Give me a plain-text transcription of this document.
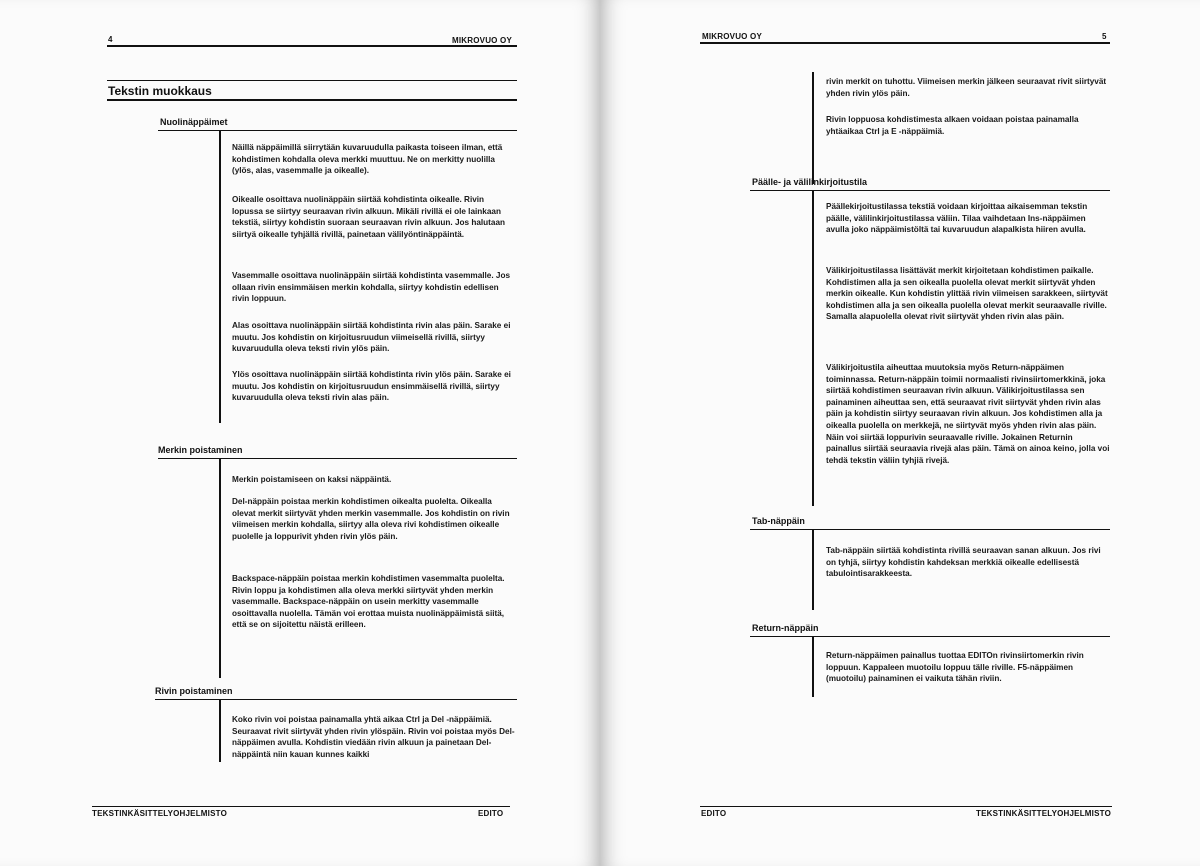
4	MIKROVUO OY
Tekstin muokkaus
Nuolinäppäimet
Näillä näppäimillä siirrytään kuvaruudulla paikasta toiseen ilman, että kohdistimen kohdalla oleva merkki muuttuu. Ne on merkitty nuolilla (ylös, alas, vasemmalle ja oikealle).
Oikealle osoittava nuolinäppäin siirtää kohdistinta oikealle. Rivin lopussa se siirtyy seuraavan rivin alkuun. Mikäli rivillä ei ole lainkaan tekstiä, siirtyy kohdistin suoraan seuraavan rivin alkuun. Jos halutaan siirtyä oikealle tyhjällä rivillä, painetaan välilyöntinäppäintä.
Vasemmalle osoittava nuolinäppäin siirtää kohdistinta vasemmalle. Jos ollaan rivin ensimmäisen merkin kohdalla, siirtyy kohdistin edellisen rivin loppuun.
Alas osoittava nuolinäppäin siirtää kohdistinta rivin alas päin. Sarake ei muutu. Jos kohdistin on kirjoitusruudun viimeisellä rivillä, siirtyy kuvaruudulla oleva teksti rivin ylös päin.
Ylös osoittava nuolinäppäin siirtää kohdistinta rivin ylös päin. Sarake ei muutu. Jos kohdistin on kirjoitusruudun ensimmäisellä rivillä, siirtyy kuvaruudulla oleva teksti rivin alas päin.
Merkin poistaminen
Merkin poistamiseen on kaksi näppäintä.
Del-näppäin poistaa merkin kohdistimen oikealta puolelta. Oikealla olevat merkit siirtyvät yhden merkin vasemmalle. Jos kohdistin on rivin viimeisen merkin kohdalla, siirtyy alla oleva rivi kohdistimen oikealle puolelle ja loppurivit yhden rivin ylös päin.
Backspace-näppäin poistaa merkin kohdistimen vasemmalta puolelta. Rivin loppu ja kohdistimen alla oleva merkki siirtyvät yhden merkin vasemmalle. Backspace-näppäin on usein merkitty vasemmalle osoittavalla nuolella. Tämän voi erottaa muista nuolinäppäimistä siitä, että se on sijoitettu näistä erilleen.
Rivin poistaminen
Koko rivin voi poistaa painamalla yhtä aikaa Ctrl ja Del -näppäimiä. Seuraavat rivit siirtyvät yhden rivin ylöspäin. Rivin voi poistaa myös Del-näppäimen avulla. Kohdistin viedään rivin alkuun ja painetaan Del-näppäintä niin kauan kunnes kaikki
TEKSTINKÄSITTELYOHJELMISTO	EDITO
MIKROVUO OY	5
rivin merkit on tuhottu. Viimeisen merkin jälkeen seuraavat rivit siirtyvät yhden rivin ylös päin.
Rivin loppuosa kohdistimesta alkaen voidaan poistaa painamalla yhtäaikaa Ctrl ja E -näppäimiä.
Päälle- ja välilinkirjoitustila
Päällekirjoitustilassa tekstiä voidaan kirjoittaa aikaisemman tekstin päälle, välilinkirjoitustilassa väliin. Tilaa vaihdetaan Ins-näppäimen avulla joko näppäimistöltä tai kuvaruudun alapalkista hiiren avulla.
Välikirjoitustilassa lisättävät merkit kirjoitetaan kohdistimen paikalle. Kohdistimen alla ja sen oikealla puolella olevat merkit siirtyvät yhden merkin oikealle. Kun kohdistin ylittää rivin viimeisen sarakkeen, siirtyvät kohdistimen alla ja sen oikealla puolella olevat merkit seuraavalle riville. Samalla alapuolella olevat rivit siirtyvät yhden rivin alas päin.
Välikirjoitustila aiheuttaa muutoksia myös Return-näppäimen toiminnassa. Return-näppäin toimii normaalisti rivinsiirtomerkkinä, joka siirtää kohdistimen seuraavan rivin alkuun. Välikirjoitustilassa sen painaminen aiheuttaa sen, että seuraavat rivit siirtyvät yhden rivin alas päin ja kohdistin siirtyy seuraavan rivin alkuun. Jos kohdistimen alla ja oikealla puolella on merkkejä, ne siirtyvät myös yhden rivin alas päin. Näin voi siirtää loppurivin seuraavalle riville. Jokainen Returnin painallus siirtää seuraavia rivejä alas päin. Tämä on ainoa keino, jolla voi tehdä tekstin väliin tyhjiä rivejä.
Tab-näppäin
Tab-näppäin siirtää kohdistinta rivillä seuraavan sanan alkuun. Jos rivi on tyhjä, siirtyy kohdistin kahdeksan merkkiä oikealle edellisestä tabulointisarakkeesta.
Return-näppäin
Return-näppäimen painallus tuottaa EDITOn rivinsiirtomerkin rivin loppuun. Kappaleen muotoilu loppuu tälle riville. F5-näppäimen (muotoilu) painaminen ei vaikuta tähän riviin.
EDITO	TEKSTINKÄSITTELYOHJELMISTO
